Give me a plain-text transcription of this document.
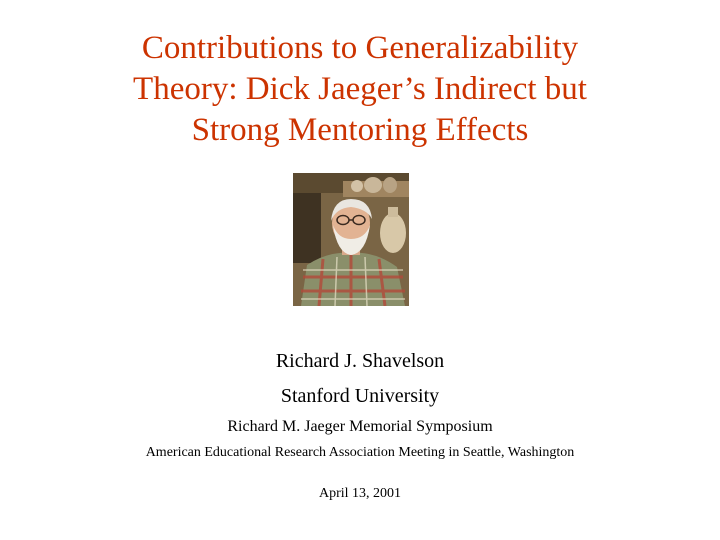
Contributions to Generalizability
Theory: Dick Jaeger’s Indirect but
Strong Mentoring Effects
Richard J. Shavelson
Stanford University
Richard M. Jaeger Memorial Symposium
American Educational Research Association Meeting in Seattle, Washington
April 13, 2001
